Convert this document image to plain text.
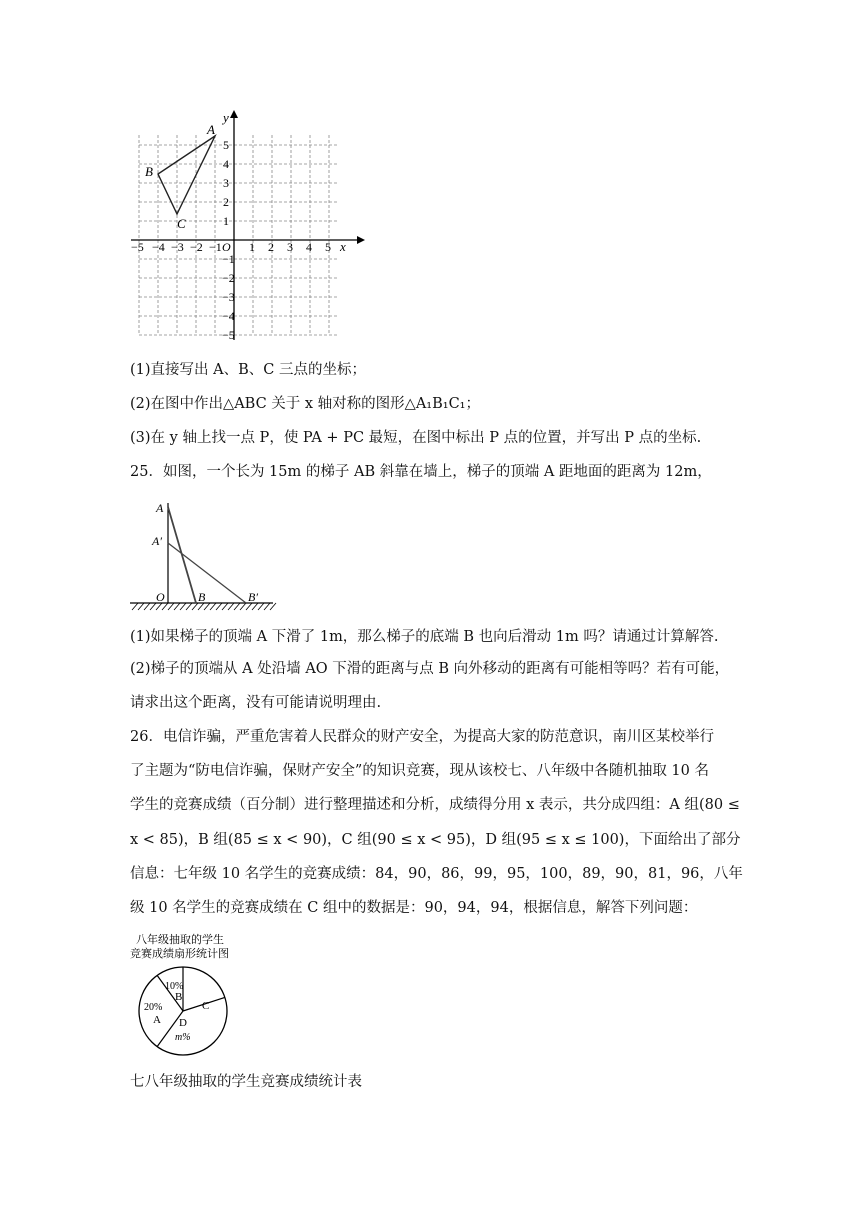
x
y
O
A
B
C
1 2 3 4 5
−1
−2
−3
−4
−5
1
2
3
4
5
−1
−2
−3
−4
−5
(1)直接写出 A、B、C 三点的坐标；
(2)在图中作出△ABC 关于 x 轴对称的图形△A₁B₁C₁；
(3)在 y 轴上找一点 P，使 PA + PC 最短，在图中标出 P 点的位置，并写出 P 点的坐标.
25．如图，一个长为 15m 的梯子 AB 斜靠在墙上，梯子的顶端 A 距地面的距离为 12m，
A
A′
O	B	B′
(1)如果梯子的顶端 A 下滑了 1m，那么梯子的底端 B 也向后滑动 1m 吗？请通过计算解答.
(2)梯子的顶端从 A 处沿墙 AO 下滑的距离与点 B 向外移动的距离有可能相等吗？若有可能，
请求出这个距离，没有可能请说明理由.
26．电信诈骗，严重危害着人民群众的财产安全，为提高大家的防范意识，南川区某校举行
了主题为“防电信诈骗，保财产安全”的知识竞赛，现从该校七、八年级中各随机抽取 10 名
学生的竞赛成绩（百分制）进行整理描述和分析，成绩得分用 x 表示，共分成四组：A 组(80 ≤
x < 85)，B 组(85 ≤ x < 90)，C 组(90 ≤ x < 95)，D 组(95 ≤ x ≤ 100)，下面给出了部分
信息：七年级 10 名学生的竞赛成绩：84，90，86，99，95，100，89，90，81，96，八年
级 10 名学生的竞赛成绩在 C 组中的数据是：90，94，94，根据信息，解答下列问题：
八年级抽取的学生
竞赛成绩扇形统计图
10%
B
20%
A
C
D
m%
七八年级抽取的学生竞赛成绩统计表
